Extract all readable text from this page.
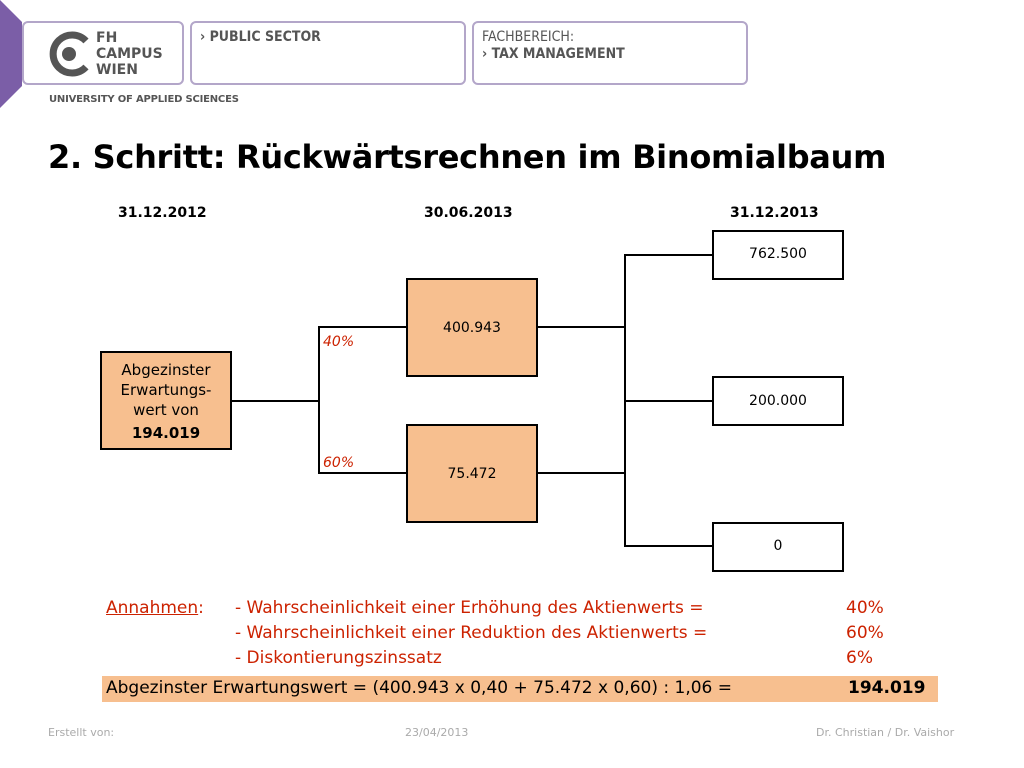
FH
CAMPUS
WIEN
› PUBLIC SECTOR	FACHBEREICH:
› TAX MANAGEMENT
UNIVERSITY OF APPLIED SCIENCES
2. Schritt: Rückwärtsrechnen im Binomialbaum
31.12.2012	30.06.2013	31.12.2013
40%
60%
Abgezinster
Erwartungs-
wert von
194.019
400.943
75.472
762.500
200.000
0
Annahmen: - Wahrscheinlichkeit einer Erhöhung des Aktienwerts =	40%
- Wahrscheinlichkeit einer Reduktion des Aktienwerts =	60%
- Diskontierungszinssatz	6%
Abgezinster Erwartungswert = (400.943 x 0,40 + 75.472 x 0,60) : 1,06 =	194.019
Erstellt von:	23/04/2013	Dr. Christian / Dr. Vaishor
